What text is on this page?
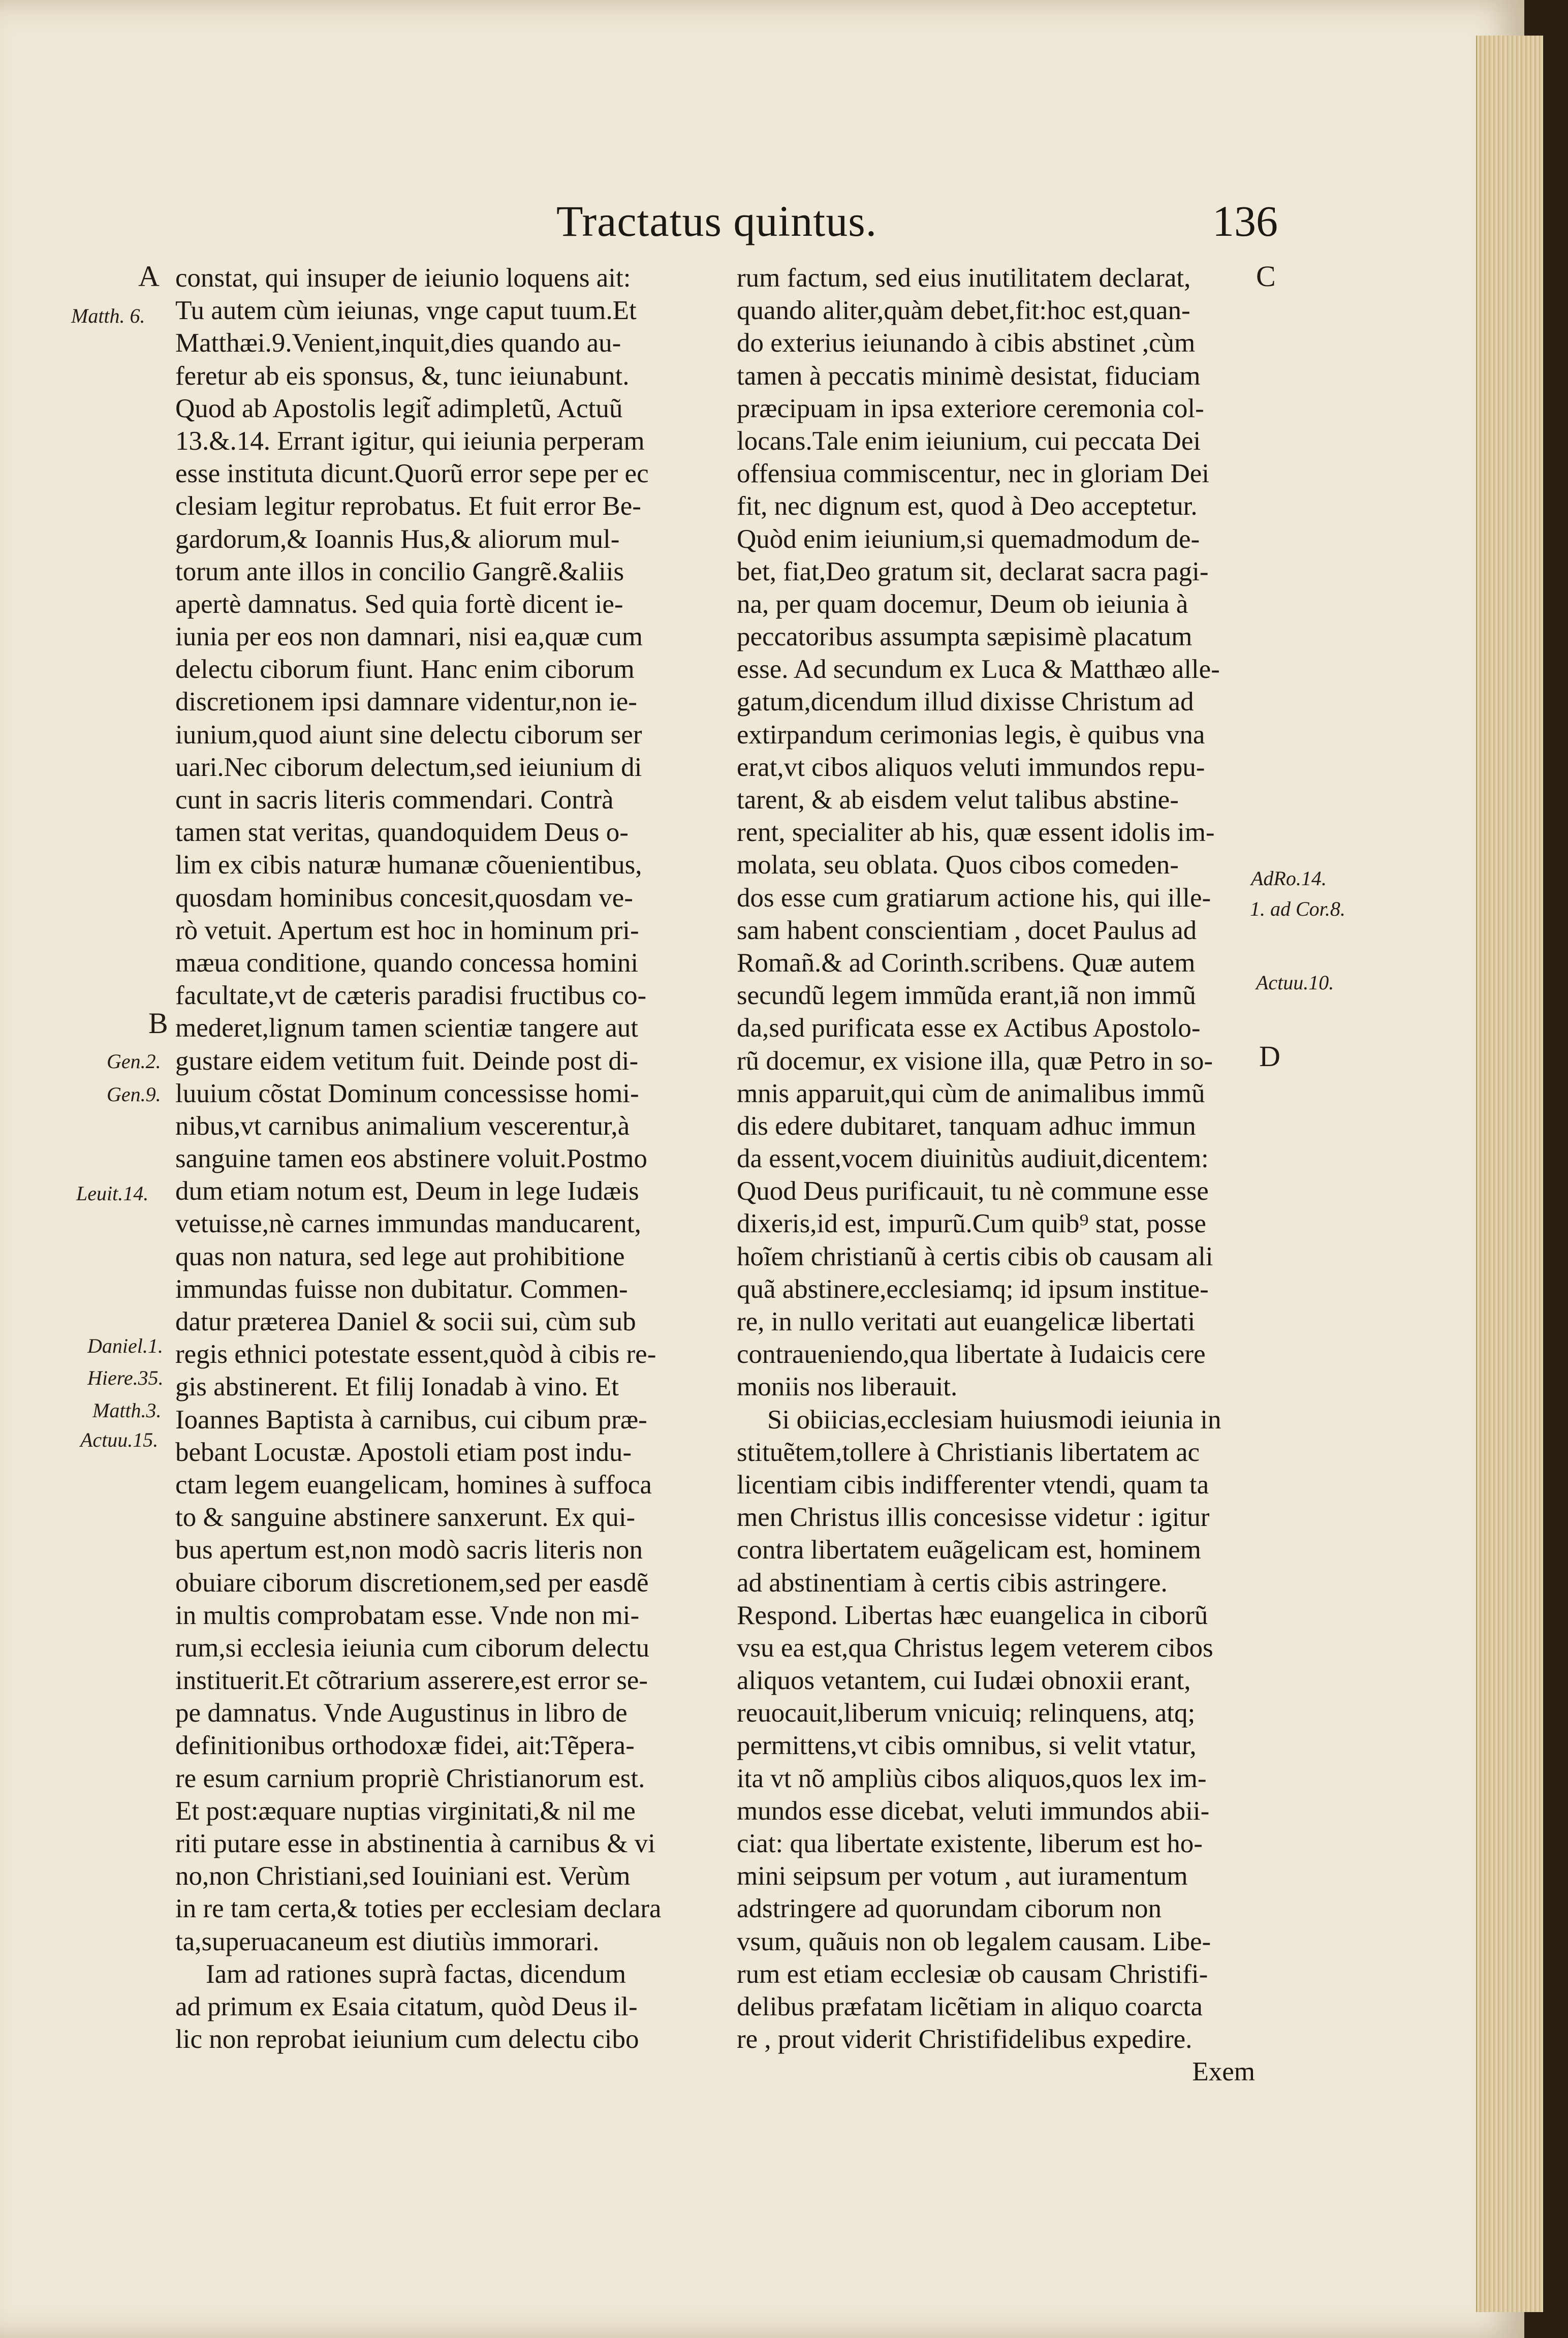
Tractatus quintus.	136
A
Matth. 6.
B
Gen.2.
Gen.9.
Leuit.14.
Daniel.1.
Hiere.35.
Matth.3.
Actuu.15.
C
AdRo.14.
1. ad Cor.8.
Actuu.10.
D
constat, qui insuper de ieiunio loquens ait:
Tu autem cùm ieiunas, vnge caput tuum.Et
Matthæi.9.Venient,inquit,dies quando au-
feretur ab eis sponsus, &, tunc ieiunabunt.
Quod ab Apostolis legit̃ adimpletũ, Actuũ
13.&.14. Errant igitur, qui ieiunia perperam
esse instituta dicunt.Quorũ error sepe per ec
clesiam legitur reprobatus. Et fuit error Be-
gardorum,& Ioannis Hus,& aliorum mul-
torum ante illos in concilio Gangrẽ.&aliis
apertè damnatus. Sed quia fortè dicent ie-
iunia per eos non damnari, nisi ea,quæ cum
delectu ciborum fiunt. Hanc enim ciborum
discretionem ipsi damnare videntur,non ie-
iunium,quod aiunt sine delectu ciborum ser
uari.Nec ciborum delectum,sed ieiunium di
cunt in sacris literis commendari. Contrà
tamen stat veritas, quandoquidem Deus o-
lim ex cibis naturæ humanæ cõuenientibus,
quosdam hominibus concesit,quosdam ve-
rò vetuit. Apertum est hoc in hominum pri-
mæua conditione, quando concessa homini
facultate,vt de cæteris paradisi fructibus co-
mederet,lignum tamen scientiæ tangere aut
gustare eidem vetitum fuit. Deinde post di-
luuium cõstat Dominum concessisse homi-
nibus,vt carnibus animalium vescerentur,à
sanguine tamen eos abstinere voluit.Postmo
dum etiam notum est, Deum in lege Iudæis
vetuisse,nè carnes immundas manducarent,
quas non natura, sed lege aut prohibitione
immundas fuisse non dubitatur. Commen-
datur præterea Daniel & socii sui, cùm sub
regis ethnici potestate essent,quòd à cibis re-
gis abstinerent. Et filij Ionadab à vino. Et
Ioannes Baptista à carnibus, cui cibum præ-
bebant Locustæ. Apostoli etiam post indu-
ctam legem euangelicam, homines à suffoca
to & sanguine abstinere sanxerunt. Ex qui-
bus apertum est,non modò sacris literis non
obuiare ciborum discretionem,sed per easdẽ
in multis comprobatam esse. Vnde non mi-
rum,si ecclesia ieiunia cum ciborum delectu
instituerit.Et cõtrarium asserere,est error se-
pe damnatus. Vnde Augustinus in libro de
definitionibus orthodoxæ fidei, ait:Tẽpera-
re esum carnium propriè Christianorum est.
Et post:æquare nuptias virginitati,& nil me
riti putare esse in abstinentia à carnibus & vi
no,non Christiani,sed Iouiniani est. Verùm
in re tam certa,& toties per ecclesiam declara
ta,superuacaneum est diutiùs immorari.
Iam ad rationes suprà factas, dicendum
ad primum ex Esaia citatum, quòd Deus il-
lic non reprobat ieiunium cum delectu cibo
rum factum, sed eius inutilitatem declarat,
quando aliter,quàm debet,fit:hoc est,quan-
do exterius ieiunando à cibis abstinet ,cùm
tamen à peccatis minimè desistat, fiduciam
præcipuam in ipsa exteriore ceremonia col-
locans.Tale enim ieiunium, cui peccata Dei
offensiua commiscentur, nec in gloriam Dei
fit, nec dignum est, quod à Deo acceptetur.
Quòd enim ieiunium,si quemadmodum de-
bet, fiat,Deo gratum sit, declarat sacra pagi-
na, per quam docemur, Deum ob ieiunia à
peccatoribus assumpta sæpisimè placatum
esse. Ad secundum ex Luca & Matthæo alle-
gatum,dicendum illud dixisse Christum ad
extirpandum cerimonias legis, è quibus vna
erat,vt cibos aliquos veluti immundos repu-
tarent, & ab eisdem velut talibus abstine-
rent, specialiter ab his, quæ essent idolis im-
molata, seu oblata. Quos cibos comeden-
dos esse cum gratiarum actione his, qui ille-
sam habent conscientiam , docet Paulus ad
Romañ.& ad Corinth.scribens. Quæ autem
secundũ legem immũda erant,iã non immũ
da,sed purificata esse ex Actibus Apostolo-
rũ docemur, ex visione illa, quæ Petro in so-
mnis apparuit,qui cùm de animalibus immũ
dis edere dubitaret, tanquam adhuc immun
da essent,vocem diuinitùs audiuit,dicentem:
Quod Deus purificauit, tu nè commune esse
dixeris,id est, impurũ.Cum quib⁹ stat, posse
hoĩem christianũ à certis cibis ob causam ali
quã abstinere,ecclesiamq; id ipsum institue-
re, in nullo veritati aut euangelicæ libertati
contraueniendo,qua libertate à Iudaicis cere
moniis nos liberauit.
Si obiicias,ecclesiam huiusmodi ieiunia in
stituẽtem,tollere à Christianis libertatem ac
licentiam cibis indifferenter vtendi, quam ta
men Christus illis concesisse videtur : igitur
contra libertatem euãgelicam est, hominem
ad abstinentiam à certis cibis astringere.
Respond. Libertas hæc euangelica in ciborũ
vsu ea est,qua Christus legem veterem cibos
aliquos vetantem, cui Iudæi obnoxii erant,
reuocauit,liberum vnicuiq; relinquens, atq;
permittens,vt cibis omnibus, si velit vtatur,
ita vt nõ ampliùs cibos aliquos,quos lex im-
mundos esse dicebat, veluti immundos abii-
ciat: qua libertate existente, liberum est ho-
mini seipsum per votum , aut iuramentum
adstringere ad quorundam ciborum non
vsum, quãuis non ob legalem causam. Libe-
rum est etiam ecclesiæ ob causam Christifi-
delibus præfatam licẽtiam in aliquo coarcta
re , prout viderit Christifidelibus expedire.
Exem
